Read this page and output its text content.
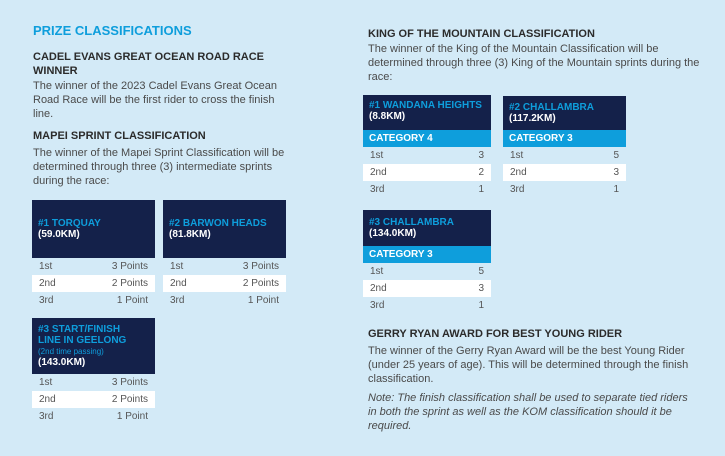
PRIZE CLASSIFICATIONS
CADEL EVANS GREAT OCEAN ROAD RACE WINNER

The winner of the 2023 Cadel Evans Great Ocean Road Race will be the first rider to cross the finish line.

MAPEI SPRINT CLASSIFICATION

The winner of the Mapei Sprint Classification will be determined through three (3) intermediate sprints during the race:

#1 TORQUAY
(59.0KM)
1st	3 Points
2nd	2 Points
3rd	1 Point
#2 BARWON HEADS
(81.8KM)
1st	3 Points
2nd	2 Points
3rd	1 Point
#3 START/FINISH LINE IN GEELONG
(2nd time passing)
(143.0KM)
1st	3 Points
2nd	2 Points
3rd	1 Point
KING OF THE MOUNTAIN CLASSIFICATION

The winner of the King of the Mountain Classification will be determined through three (3) King of the Mountain sprints during the race:

#1 WANDANA HEIGHTS (8.8KM)
CATEGORY 4
1st	3
2nd	2
3rd	1
#2 CHALLAMBRA
(117.2KM)
CATEGORY 3
1st	5
2nd	3
3rd	1
#3 CHALLAMBRA
(134.0KM)
CATEGORY 3
1st	5
2nd	3
3rd	1
GERRY RYAN AWARD FOR BEST YOUNG RIDER

The winner of the Gerry Ryan Award will be the best Young Rider (under 25 years of age). This will be determined through the finish classification.

Note: The finish classification shall be used to separate tied riders in both the sprint as well as the KOM classification should it be required.
